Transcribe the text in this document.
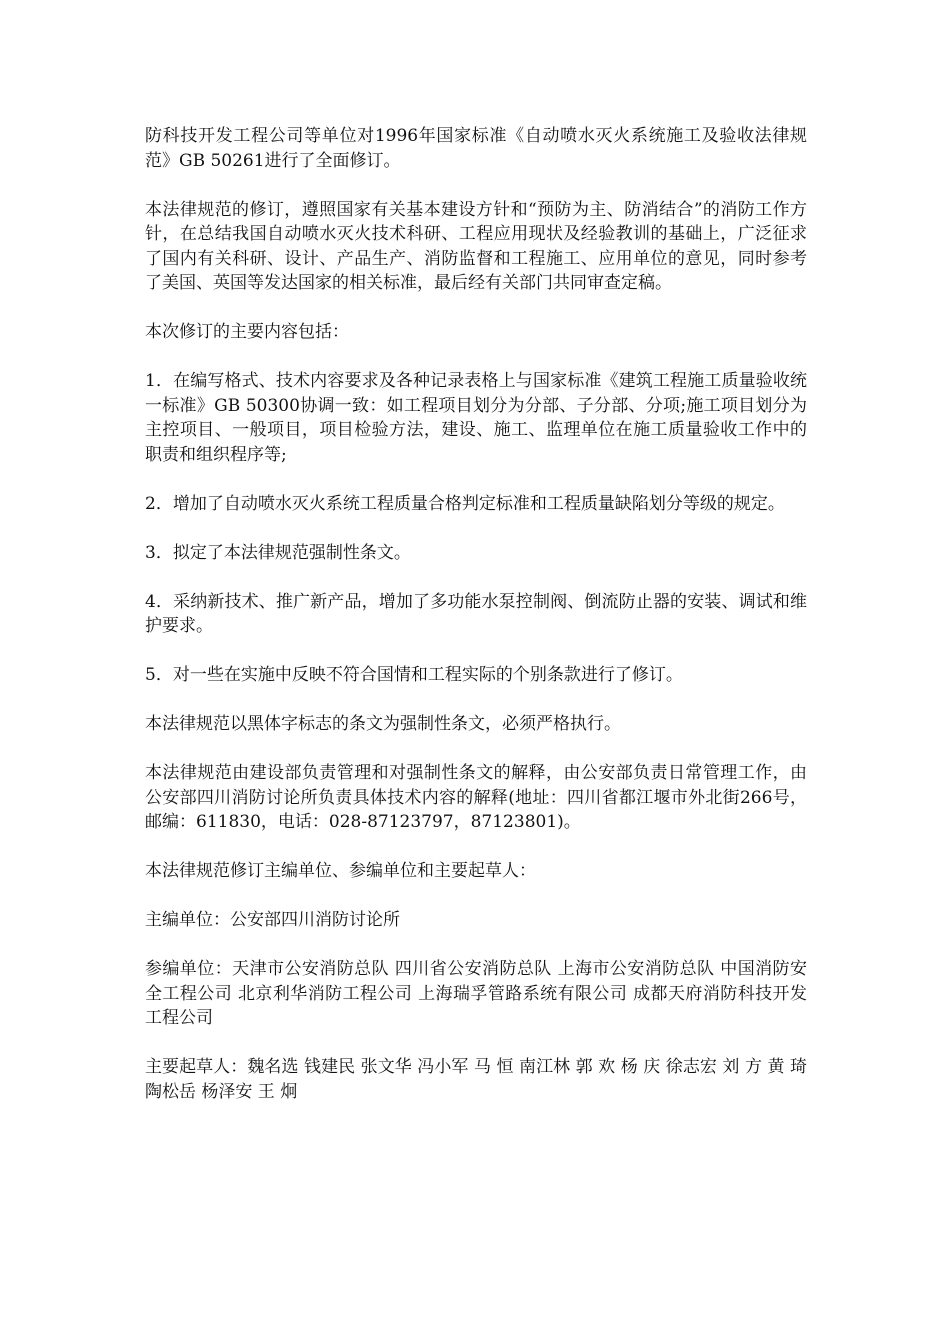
防科技开发工程公司等单位对1996年国家标准《自动喷水灭火系统施工及验收法律规范》GB 50261进行了全面修订。

本法律规范的修订，遵照国家有关基本建设方针和“预防为主、防消结合”的消防工作方针，在总结我国自动喷水灭火技术科研、工程应用现状及经验教训的基础上，广泛征求了国内有关科研、设计、产品生产、消防监督和工程施工、应用单位的意见，同时参考了美国、英国等发达国家的相关标准，最后经有关部门共同审查定稿。

本次修订的主要内容包括：

1．在编写格式、技术内容要求及各种记录表格上与国家标准《建筑工程施工质量验收统一标准》GB 50300协调一致：如工程项目划分为分部、子分部、分项;施工项目划分为主控项目、一般项目，项目检验方法，建设、施工、监理单位在施工质量验收工作中的职责和组织程序等;

2．增加了自动喷水灭火系统工程质量合格判定标准和工程质量缺陷划分等级的规定。

3．拟定了本法律规范强制性条文。

4．采纳新技术、推广新产品，增加了多功能水泵控制阀、倒流防止器的安装、调试和维护要求。

5．对一些在实施中反映不符合国情和工程实际的个别条款进行了修订。

本法律规范以黑体字标志的条文为强制性条文，必须严格执行。

本法律规范由建设部负责管理和对强制性条文的解释，由公安部负责日常管理工作，由公安部四川消防讨论所负责具体技术内容的解释(地址：四川省都江堰市外北街266号，邮编：611830，电话：028-87123797，87123801)。

本法律规范修订主编单位、参编单位和主要起草人：

主编单位：公安部四川消防讨论所

参编单位：天津市公安消防总队 四川省公安消防总队 上海市公安消防总队 中国消防安全工程公司 北京利华消防工程公司 上海瑞孚管路系统有限公司 成都天府消防科技开发工程公司

主要起草人：魏名选 钱建民 张文华 冯小军 马 恒 南江林 郭 欢 杨 庆 徐志宏 刘 方 黄 琦 陶松岳 杨泽安 王 炯
